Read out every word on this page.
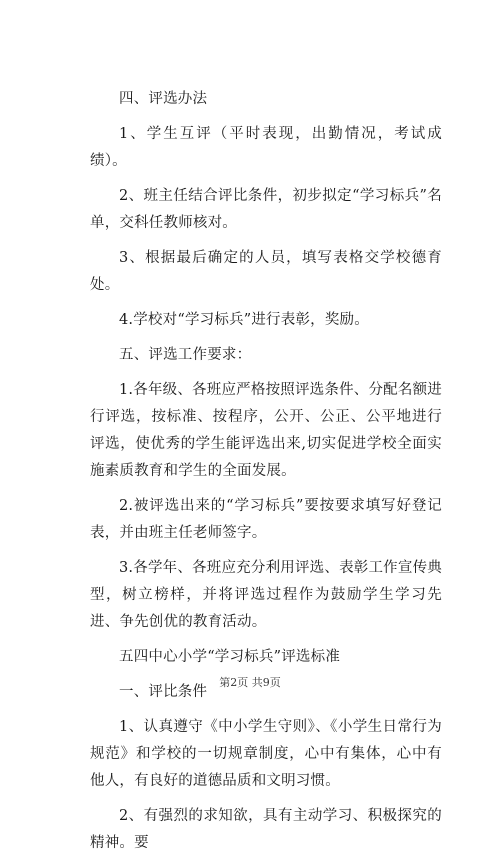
四、评选办法

1、学生互评（平时表现，出勤情况，考试成绩）。

2、班主任结合评比条件，初步拟定“学习标兵”名单，交科任教师核对。

3、根据最后确定的人员，填写表格交学校德育处。

4.学校对“学习标兵”进行表彰，奖励。

五、评选工作要求：

1.各年级、各班应严格按照评选条件、分配名额进行评选，按标准、按程序，公开、公正、公平地进行评选，使优秀的学生能评选出来,切实促进学校全面实施素质教育和学生的全面发展。

2.被评选出来的“学习标兵”要按要求填写好登记表，并由班主任老师签字。

3.各学年、各班应充分利用评选、表彰工作宣传典型，树立榜样，并将评选过程作为鼓励学生学习先进、争先创优的教育活动。

五四中心小学“学习标兵”评选标准

一、评比条件

1、认真遵守《中小学生守则》、《小学生日常行为规范》和学校的一切规章制度，心中有集体，心中有他人，有良好的道德品质和文明习惯。

2、有强烈的求知欲，具有主动学习、积极探究的精神。要

第2页 共9页
